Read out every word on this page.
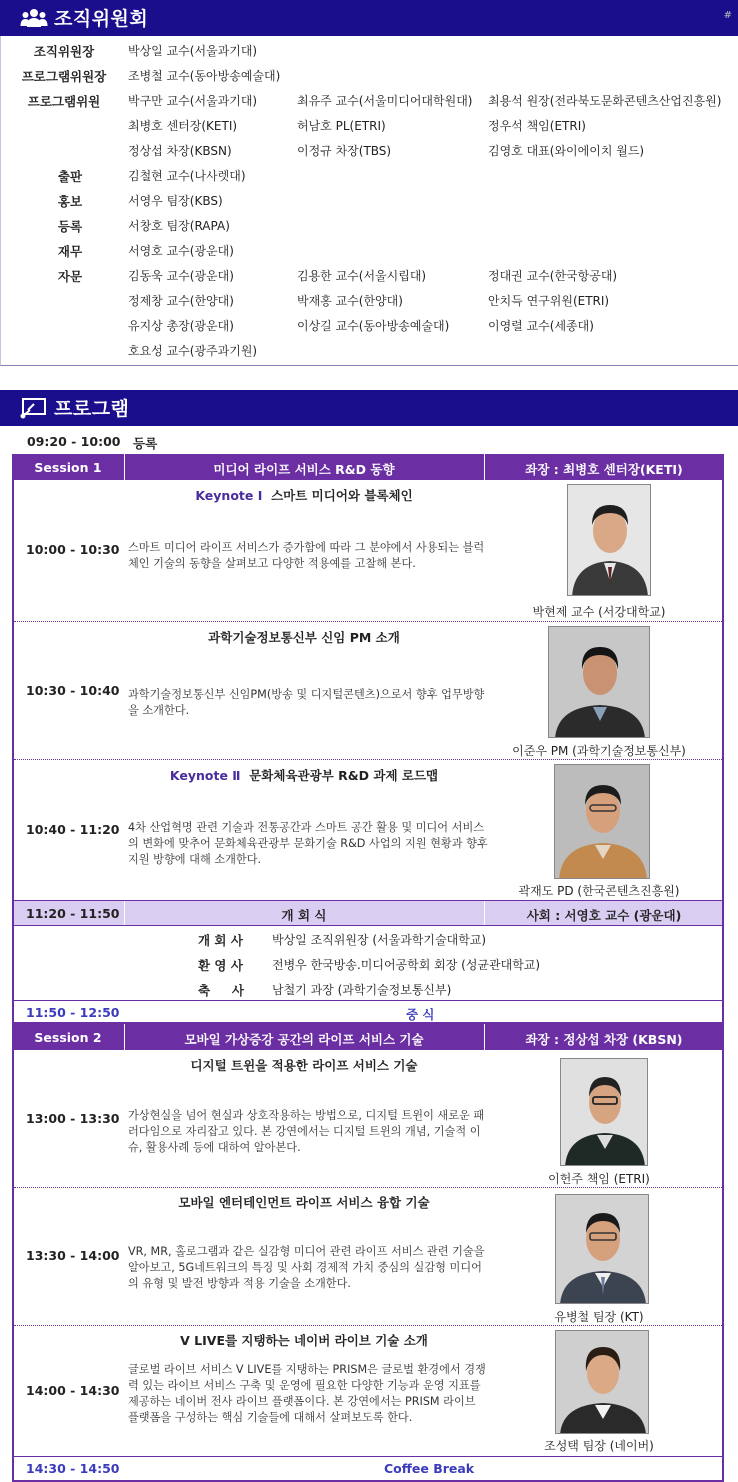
조직위원회	#
조직위원장	박상일 교수(서울과기대)
프로그램위원장	조병철 교수(동아방송예술대)
프로그램위원	박구만 교수(서울과기대)	최유주 교수(서울미디어대학원대) 최용석 원장(전라북도문화콘텐츠산업진흥원)
최병호 센터장(KETI)	허남호 PL(ETRI)	정우석 책임(ETRI)
정상섭 차장(KBSN)	이정규 차장(TBS)	김영호 대표(와이에이치 월드)
출판	김철현 교수(나사렛대)
홍보	서영우 팀장(KBS)
등록	서창호 팀장(RAPA)
재무	서영호 교수(광운대)
자문	김동욱 교수(광운대)	김용한 교수(서울시립대)	정대권 교수(한국항공대)
정제창 교수(한양대)	박재홍 교수(한양대)	안치득 연구위원(ETRI)
유지상 총장(광운대)	이상길 교수(동아방송예술대)	이영렬 교수(세종대)
호요성 교수(광주과기원)
프로그램
09:20 - 10:00 등록
Session 1	미디어 라이프 서비스 R&D 동향	좌장 : 최병호 센터장(KETI)
10:00 - 10:30
Keynote Ⅰ 스마트 미디어와 블록체인
스마트 미디어 라이프 서비스가 증가함에 따라 그 분야에서 사용되는 블럭체인 기술의 동향을 살펴보고 다양한 적용예를 고찰해 본다.
박현제 교수 (서강대학교)
10:30 - 10:40
과학기술정보통신부 신임 PM 소개
과학기술정보통신부 신임PM(방송 및 디지털콘텐츠)으로서 향후 업무방향을 소개한다.
이준우 PM (과학기술정보통신부)
10:40 - 11:20
Keynote Ⅱ 문화체육관광부 R&D 과제 로드맵
4차 산업혁명 관련 기술과 전통공간과 스마트 공간 활용 및 미디어 서비스의 변화에 맞추어 문화체육관광부 문화기술 R&D 사업의 지원 현황과 향후 지원 방향에 대해 소개한다.
곽재도 PD (한국콘텐츠진흥원)
11:20 - 11:50	개 회 식	사회 : 서영호 교수 (광운대)
개 회 사 박상일 조직위원장 (서울과학기술대학교)
환 영 사 전병우 한국방송.미디어공학회 회장 (성균관대학교)
축     사 남철기 과장 (과학기술정보통신부)
11:50 - 12:50	중 식
Session 2	모바일 가상증강 공간의 라이프 서비스 기술	좌장 : 정상섭 차장 (KBSN)
13:00 - 13:30
디지털 트윈을 적용한 라이프 서비스 기술
가상현실을 넘어 현실과 상호작용하는 방법으로, 디지털 트윈이 새로운 패러다임으로 자리잡고 있다. 본 강연에서는 디지털 트윈의 개념, 기술적 이슈, 활용사례 등에 대하여 알아본다.
이헌주 책임 (ETRI)
13:30 - 14:00
모바일 엔터테인먼트 라이프 서비스 융합 기술
VR, MR, 홀로그램과 같은 실감형 미디어 관련 라이프 서비스 관련 기술을 알아보고, 5G네트워크의 특징 및 사회 경제적 가치 중심의 실감형 미디어의 유형 및 발전 방향과 적용 기술을 소개한다.
유병철 팀장 (KT)
14:00 - 14:30
V LIVE를 지탱하는 네이버 라이브 기술 소개
글로벌 라이브 서비스 V LIVE를 지탱하는 PRISM은 글로벌 환경에서 경쟁력 있는 라이브 서비스 구축 및 운영에 필요한 다양한 기능과 운영 지표를 제공하는 네이버 전사 라이브 플랫폼이다. 본 강연에서는 PRISM 라이브 플랫폼을 구성하는 핵심 기술들에 대해서 살펴보도록 한다.
조성택 팀장 (네이버)
14:30 - 14:50	Coffee Break
